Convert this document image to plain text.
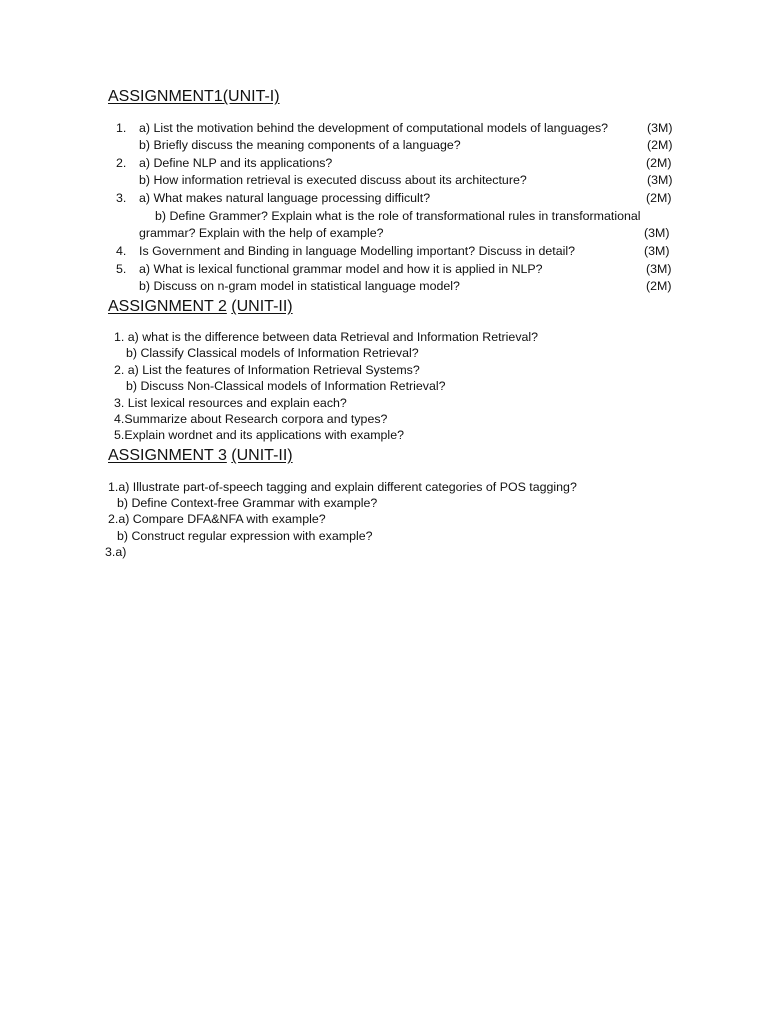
ASSIGNMENT1(UNIT-I)
1. a) List the motivation behind the development of computational models of languages?	(3M)
b) Briefly discuss the meaning components of a language?	(2M)
2. a) Define NLP and its applications?	(2M)
b) How information retrieval is executed discuss about its architecture?	(3M)
3. a) What makes natural language processing difficult?	(2M)
b) Define Grammer? Explain what is the role of transformational rules in transformational
grammar? Explain with the help of example?	(3M)
4. Is Government and Binding in language Modelling important? Discuss in detail?	(3M)
5. a) What is lexical functional grammar model and how it is applied in NLP?	(3M)
b) Discuss on n-gram model in statistical language model?	(2M)
ASSIGNMENT 2 (UNIT-II)
1. a) what is the difference between data Retrieval and Information Retrieval?
b) Classify Classical models of Information Retrieval?
2. a) List the features of Information Retrieval Systems?
b) Discuss Non-Classical models of Information Retrieval?
3. List lexical resources and explain each?
4.Summarize about Research corpora and types?
5.Explain wordnet and its applications with example?
ASSIGNMENT 3 (UNIT-II)
1.a) Illustrate part-of-speech tagging and explain different categories of POS tagging?
b) Define Context-free Grammar with example?
2.a) Compare DFA&NFA with example?
b) Construct regular expression with example?
3.a)
